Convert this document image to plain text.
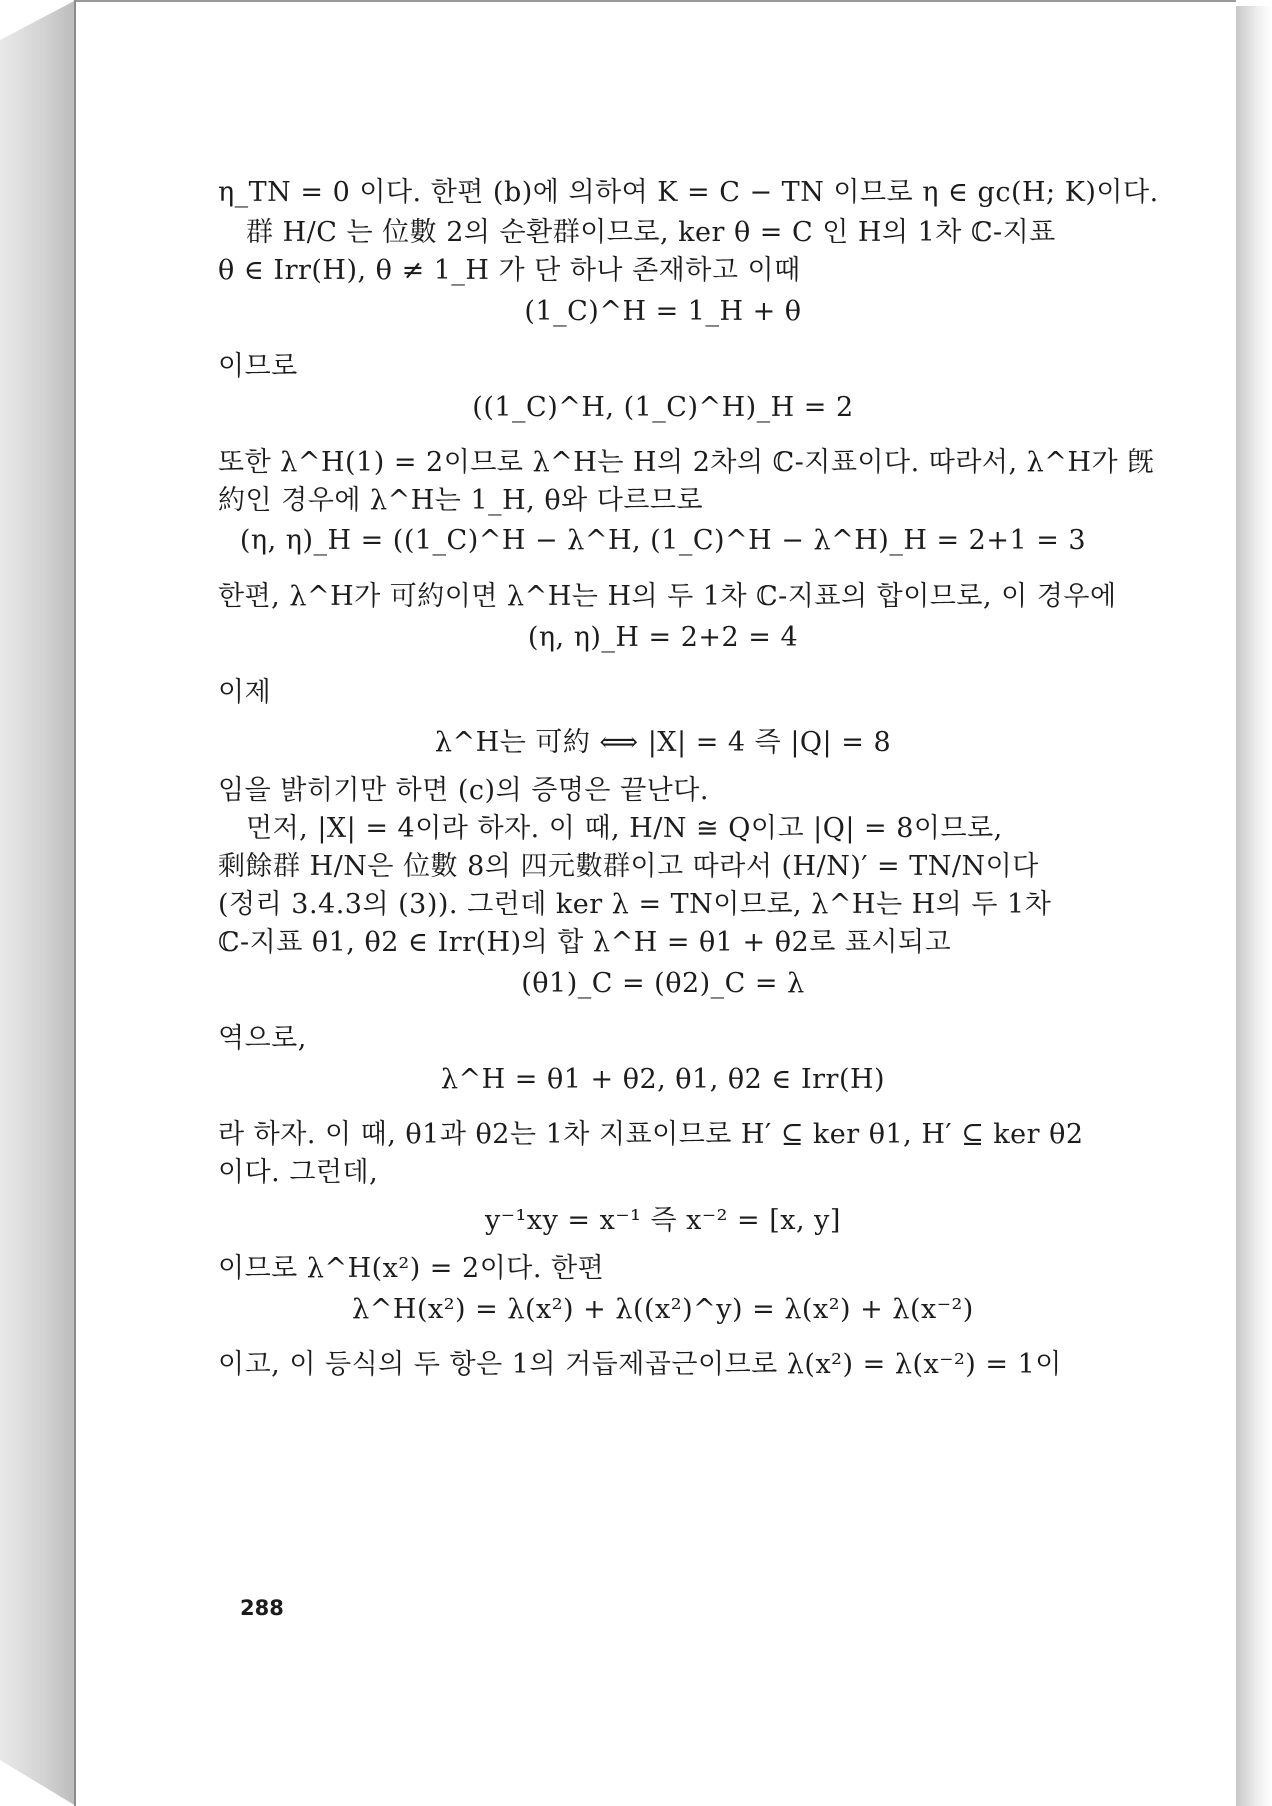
η_TN = 0 이다. 한편 (b)에 의하여 K = C − TN 이므로 η ∈ gc(H; K)이다.
群 H/C 는 位數 2의 순환群이므로, ker θ = C 인 H의 1차 ℂ-지표
θ ∈ Irr(H), θ ≠ 1_H 가 단 하나 존재하고 이때
(1_C)^H = 1_H + θ
이므로
((1_C)^H, (1_C)^H)_H = 2
또한 λ^H(1) = 2이므로 λ^H는 H의 2차의 ℂ-지표이다. 따라서, λ^H가 旣
約인 경우에 λ^H는 1_H, θ와 다르므로
(η, η)_H = ((1_C)^H − λ^H, (1_C)^H − λ^H)_H = 2+1 = 3
한편, λ^H가 可約이면 λ^H는 H의 두 1차 ℂ-지표의 합이므로, 이 경우에
(η, η)_H = 2+2 = 4
이제
λ^H는 可約 ⟺ |X| = 4 즉 |Q| = 8
임을 밝히기만 하면 (c)의 증명은 끝난다.
먼저, |X| = 4이라 하자. 이 때, H/N ≅ Q이고 |Q| = 8이므로,
剩餘群 H/N은 位數 8의 四元數群이고 따라서 (H/N)′ = TN/N이다
(정리 3.4.3의 (3)). 그런데 ker λ = TN이므로, λ^H는 H의 두 1차
ℂ-지표 θ1, θ2 ∈ Irr(H)의 합 λ^H = θ1 + θ2로 표시되고
(θ1)_C = (θ2)_C = λ
역으로,
λ^H = θ1 + θ2, θ1, θ2 ∈ Irr(H)
라 하자. 이 때, θ1과 θ2는 1차 지표이므로 H′ ⊆ ker θ1, H′ ⊆ ker θ2
이다. 그런데,
y⁻¹xy = x⁻¹ 즉 x⁻² = [x, y]
이므로 λ^H(x²) = 2이다. 한편
λ^H(x²) = λ(x²) + λ((x²)^y) = λ(x²) + λ(x⁻²)
이고, 이 등식의 두 항은 1의 거듭제곱근이므로 λ(x²) = λ(x⁻²) = 1이
288
